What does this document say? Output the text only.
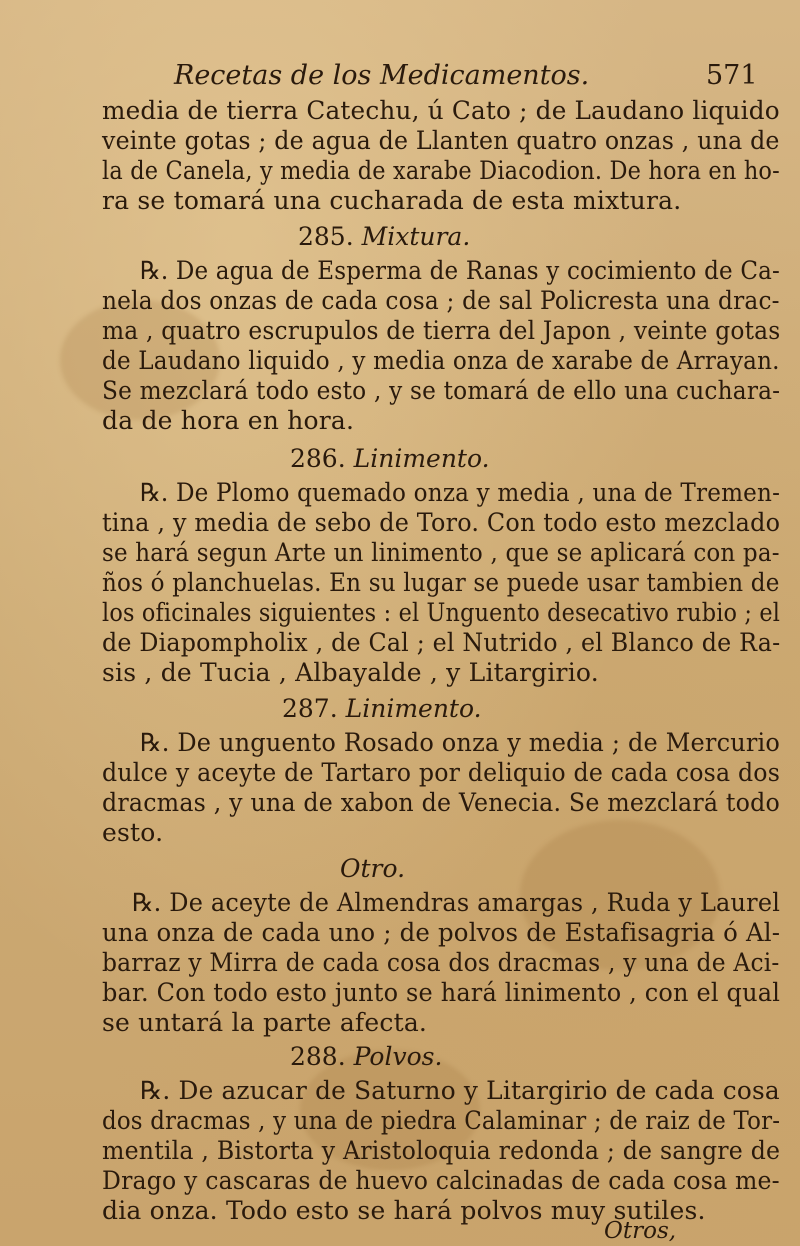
Recetas de los Medicamentos.	571
media de tierra Catechu, ú Cato ; de Laudano liquido
veinte gotas ; de agua de Llanten quatro onzas , una de
la de Canela, y media de xarabe Diacodion. De hora en ho-
ra se tomará una cucharada de esta mixtura.
285. Mixtura.
℞. De agua de Esperma de Ranas y cocimiento de Ca-
nela dos onzas de cada cosa ; de sal Policresta una drac-
ma , quatro escrupulos de tierra del Japon , veinte gotas
de Laudano liquido , y media onza de xarabe de Arrayan.
Se mezclará todo esto , y se tomará de ello una cuchara-
da de hora en hora.
286. Linimento.
℞. De Plomo quemado onza y media , una de Tremen-
tina , y media de sebo de Toro. Con todo esto mezclado
se hará segun Arte un linimento , que se aplicará con pa-
ños ó planchuelas. En su lugar se puede usar tambien de
los oficinales siguientes : el Unguento desecativo rubio ; el
de Diapompholix , de Cal ; el Nutrido , el Blanco de Ra-
sis , de Tucia , Albayalde , y Litargirio.
287. Linimento.
℞. De unguento Rosado onza y media ; de Mercurio
dulce y aceyte de Tartaro por deliquio de cada cosa dos
dracmas , y una de xabon de Venecia. Se mezclará todo
esto.
Otro.
℞. De aceyte de Almendras amargas , Ruda y Laurel
una onza de cada uno ; de polvos de Estafisagria ó Al-
barraz y Mirra de cada cosa dos dracmas , y una de Aci-
bar. Con todo esto junto se hará linimento , con el qual
se untará la parte afecta.
288. Polvos.
℞. De azucar de Saturno y Litargirio de cada cosa
dos dracmas , y una de piedra Calaminar ; de raiz de Tor-
mentila , Bistorta y Aristoloquia redonda ; de sangre de
Drago y cascaras de huevo calcinadas de cada cosa me-
dia onza. Todo esto se hará polvos muy sutiles.
Otros,
